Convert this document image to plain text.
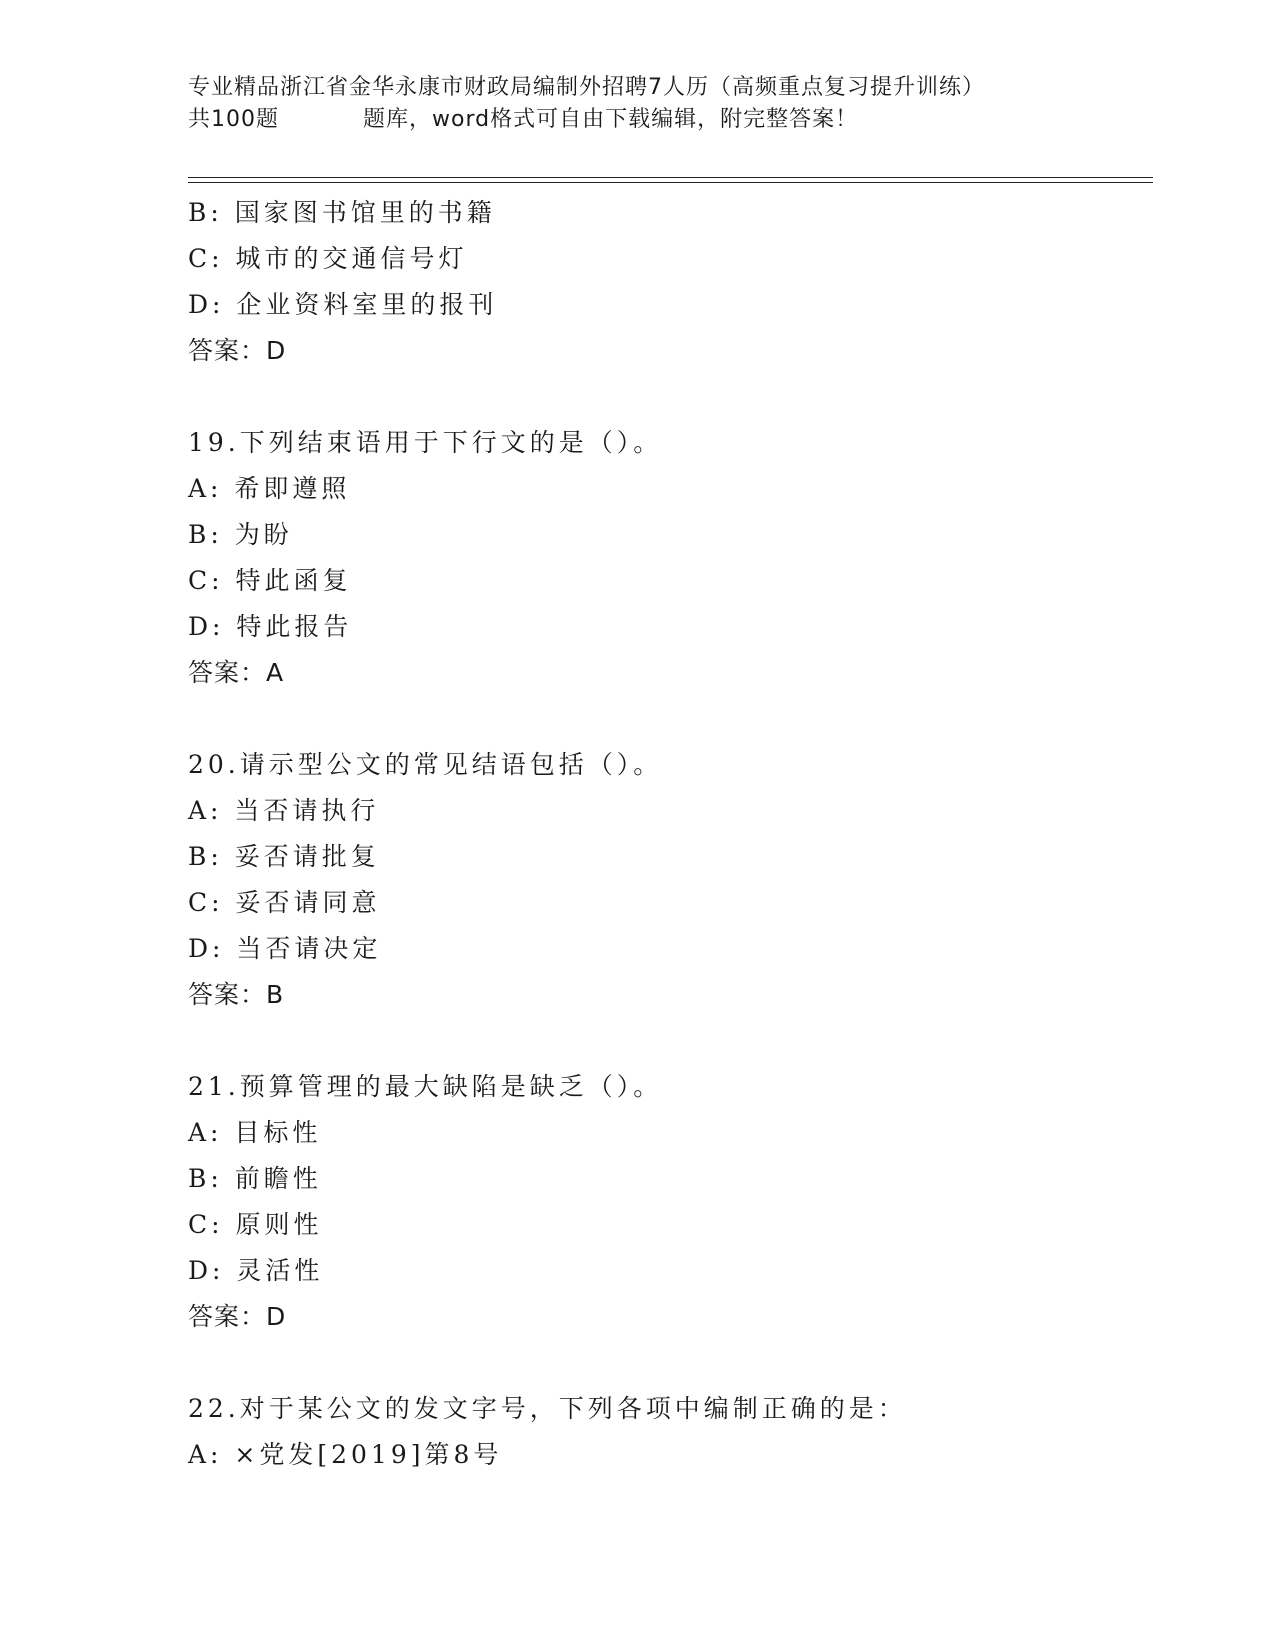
专业精品浙江省金华永康市财政局编制外招聘7人历（高频重点复习提升训练）
共100题	题库，word格式可自由下载编辑，附完整答案！
B: 国家图书馆里的书籍
C: 城市的交通信号灯
D: 企业资料室里的报刊
答案：D
19.下列结束语用于下行文的是（）。
A: 希即遵照
B: 为盼
C: 特此函复
D: 特此报告
答案：A
20.请示型公文的常见结语包括（）。
A: 当否请执行
B: 妥否请批复
C: 妥否请同意
D: 当否请决定
答案：B
21.预算管理的最大缺陷是缺乏（）。
A: 目标性
B: 前瞻性
C: 原则性
D: 灵活性
答案：D
22.对于某公文的发文字号，下列各项中编制正确的是：
A: ×党发[2019]第8号
